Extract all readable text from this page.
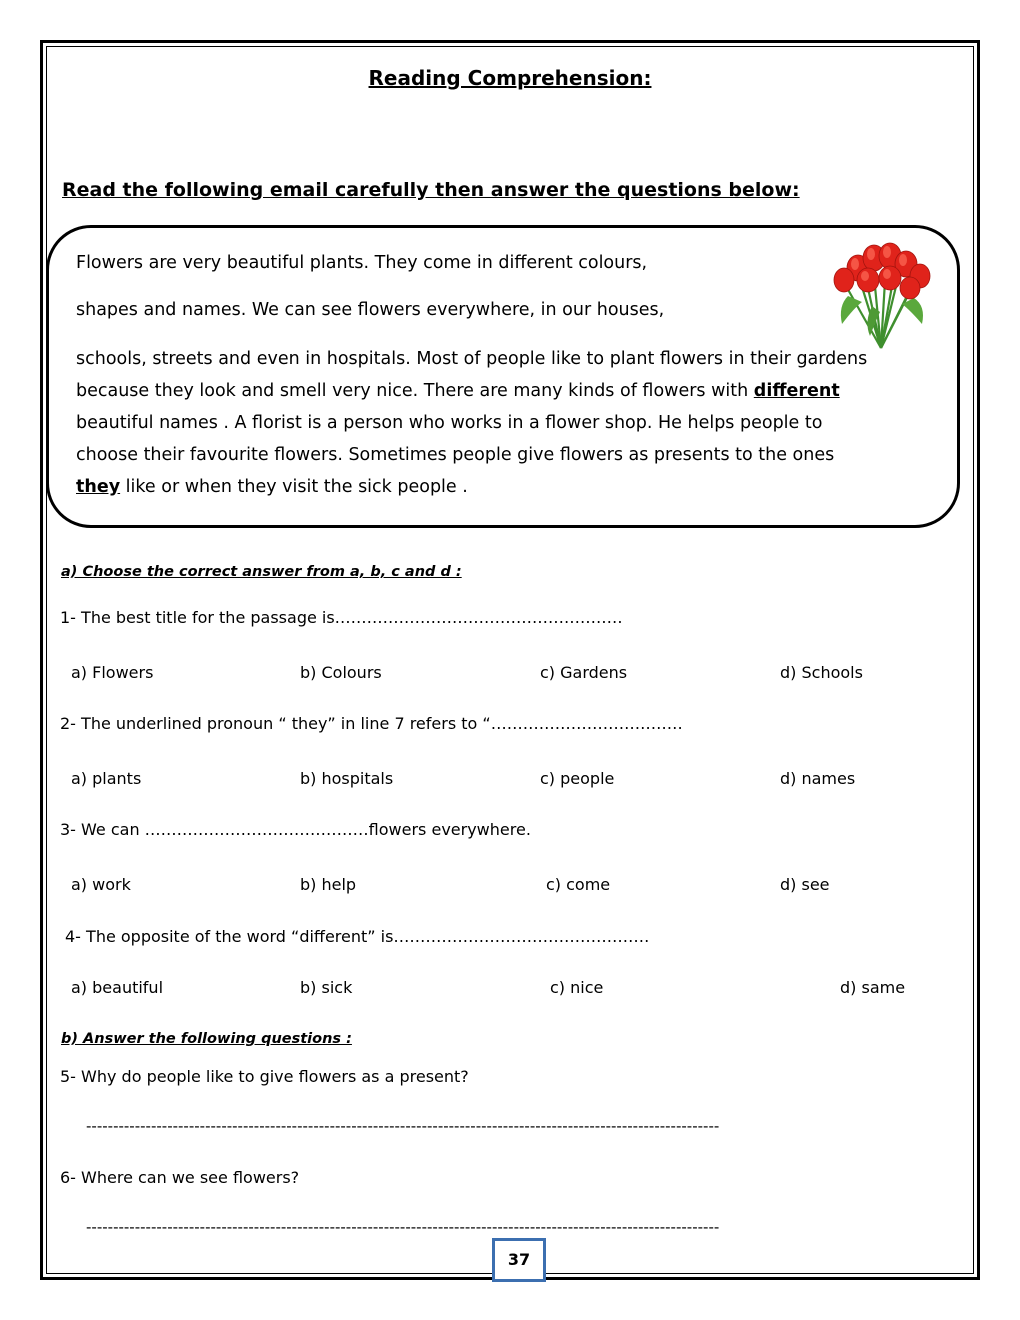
Reading Comprehension:
Read the following email carefully then answer the questions below:
Flowers are very beautiful plants. They come in different colours,
shapes and names. We can see flowers everywhere, in our houses,
schools, streets and even in hospitals. Most of people like to plant flowers in their gardens
because they look and smell very nice. There are many kinds of flowers with different
beautiful names . A florist is a person who works in a flower shop. He helps people to
choose their favourite flowers. Sometimes people give flowers as presents to the ones
they like or when they visit the sick people .
a) Choose the correct answer from a, b, c and d :
1- The best title for the passage is………………………………………………
a) Flowers	b) Colours	c) Gardens	d) Schools
2- The underlined pronoun “ they” in line 7 refers to “………………………………
a) plants	b) hospitals	c) people	d) names
3- We can ……………………………………flowers everywhere.
a) work	b) help	c) come	d) see
4- The opposite of the word “different” is…………………………………………
a) beautiful	b) sick	c) nice	d) same
b) Answer the following questions :
5- Why do people like to give flowers as a present?
---------------------------------------------------------------------------------------------------------------------
6- Where can we see flowers?
---------------------------------------------------------------------------------------------------------------------
37
